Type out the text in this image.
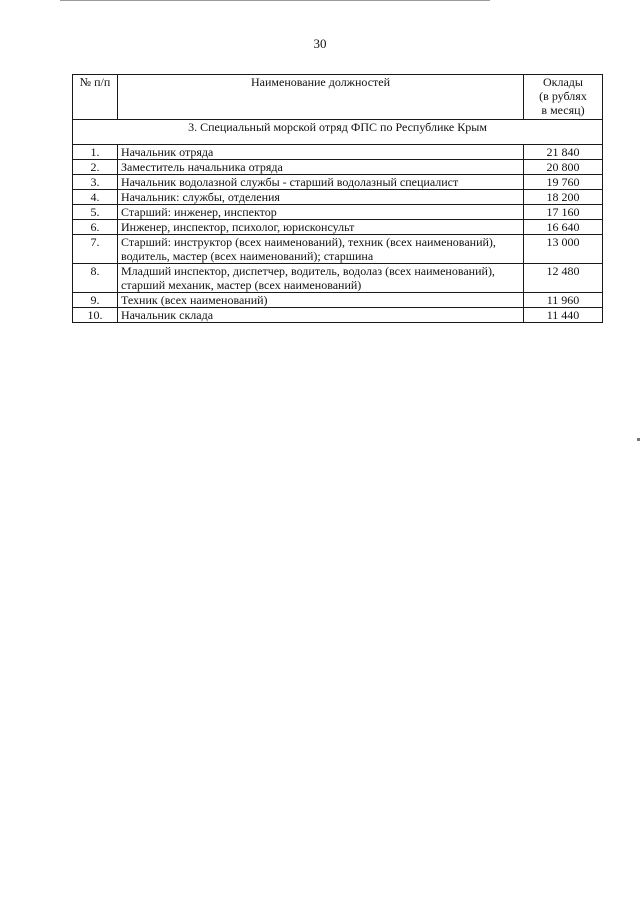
30
№ п/п	Наименование должностей	Оклады
(в рублях
в месяц)

3. Специальный морской отряд ФПС по Республике Крым		
1.	Начальник отряда	21 840
2.	Заместитель начальника отряда	20 800
3.	Начальник водолазной службы - старший водолазный специалист	19 760
4.	Начальник: службы, отделения	18 200
5.	Старший: инженер, инспектор	17 160
6.	Инженер, инспектор, психолог, юрисконсульт	16 640
7.	Старший: инструктор (всех наименований), техник (всех наименований), водитель, мастер (всех наименований); старшина	13 000
8.	Младший инспектор, диспетчер, водитель, водолаз (всех наименований), старший механик, мастер (всех наименований)	12 480
9.	Техник (всех наименований)	11 960
10.	Начальник склада	11 440
